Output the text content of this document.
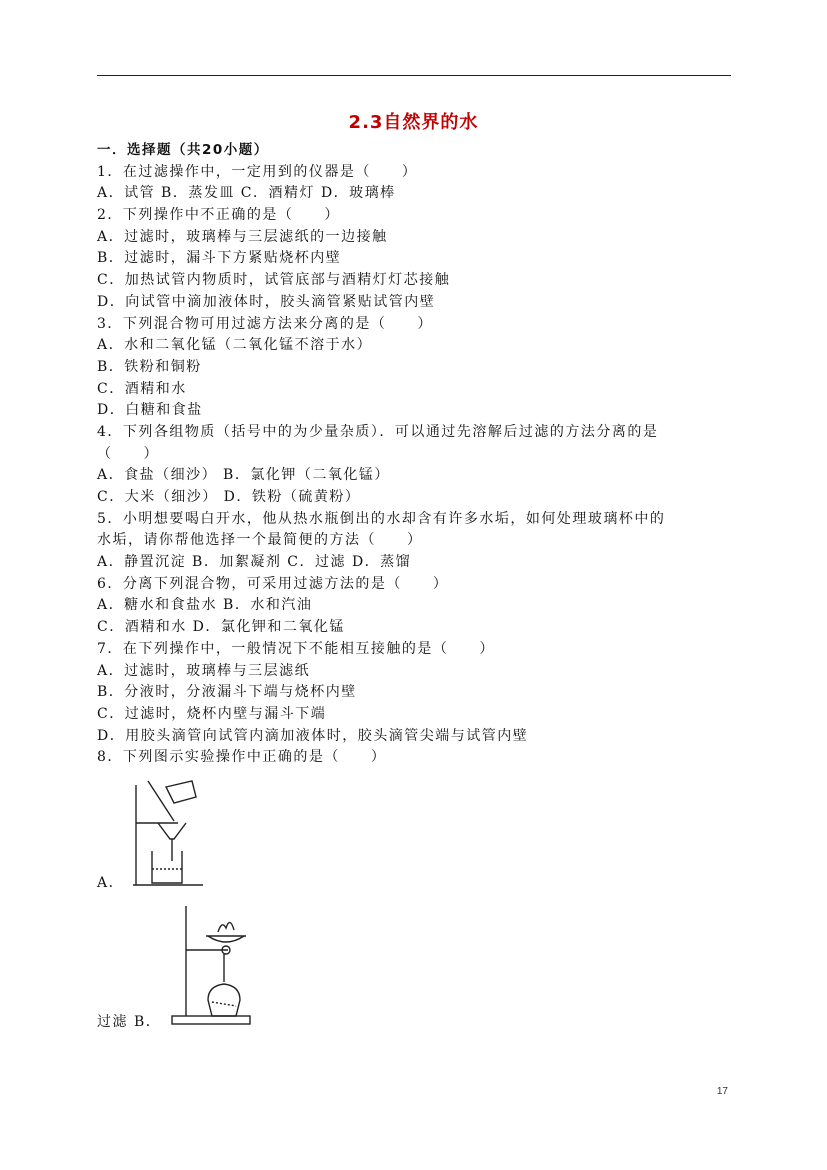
2.3自然界的水
一．选择题（共20小题）
1．在过滤操作中，一定用到的仪器是（　　）
A．试管 B．蒸发皿 C．酒精灯 D．玻璃棒
2．下列操作中不正确的是（　　）
A．过滤时，玻璃棒与三层滤纸的一边接触
B．过滤时，漏斗下方紧贴烧杯内壁
C．加热试管内物质时，试管底部与酒精灯灯芯接触
D．向试管中滴加液体时，胶头滴管紧贴试管内壁
3．下列混合物可用过滤方法来分离的是（　　）
A．水和二氧化锰（二氧化锰不溶于水）
B．铁粉和铜粉
C．酒精和水
D．白糖和食盐
4．下列各组物质（括号中的为少量杂质）．可以通过先溶解后过滤的方法分离的是
（　　）
A．食盐（细沙） B．氯化钾（二氧化锰）
C．大米（细沙） D．铁粉（硫黄粉）
5．小明想要喝白开水，他从热水瓶倒出的水却含有许多水垢，如何处理玻璃杯中的
水垢，请你帮他选择一个最简便的方法（　　）
A．静置沉淀 B．加絮凝剂 C．过滤 D．蒸馏
6．分离下列混合物，可采用过滤方法的是（　　）
A．糖水和食盐水 B．水和汽油
C．酒精和水 D．氯化钾和二氧化锰
7．在下列操作中，一般情况下不能相互接触的是（　　）
A．过滤时，玻璃棒与三层滤纸
B．分液时，分液漏斗下端与烧杯内壁
C．过滤时，烧杯内壁与漏斗下端
D．用胶头滴管向试管内滴加液体时，胶头滴管尖端与试管内壁
8．下列图示实验操作中正确的是（　　）
A．
过滤 B．
17
